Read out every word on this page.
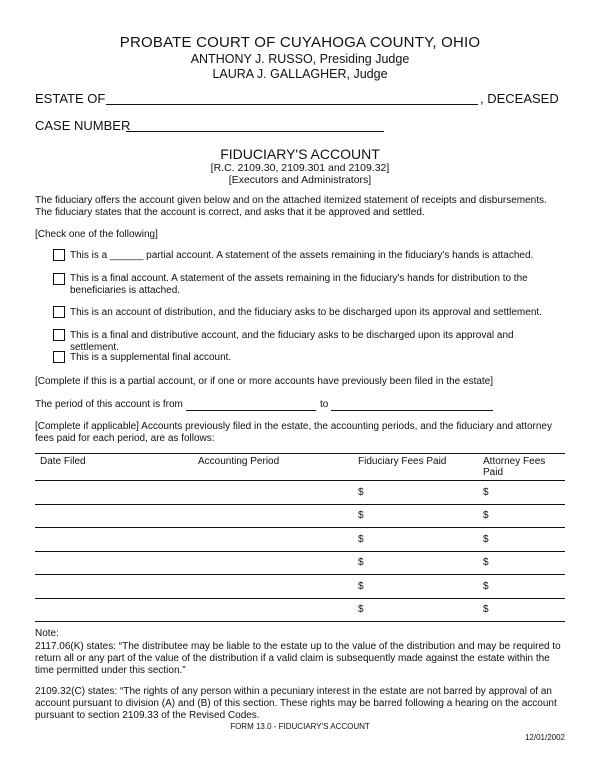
PROBATE COURT OF CUYAHOGA COUNTY, OHIO
ANTHONY J. RUSSO, Presiding Judge
LAURA J. GALLAGHER, Judge
ESTATE OF	, DECEASED
CASE NUMBER
FIDUCIARY'S ACCOUNT
[R.C. 2109.30, 2109.301 and 2109.32]
[Executors and Administrators]
The fiduciary offers the account given below and on the attached itemized statement of receipts and disbursements. The fiduciary states that the account is correct, and asks that it be approved and settled.
[Check one of the following]
This is a ______ partial account. A statement of the assets remaining in the fiduciary's hands is attached.
This is a final account. A statement of the assets remaining in the fiduciary's hands for distribution to the beneficiaries is attached.
This is an account of distribution, and the fiduciary asks to be discharged upon its approval and settlement.
This is a final and distributive account, and the fiduciary asks to be discharged upon its approval and settlement.
This is a supplemental final account.
[Complete if this is a partial account, or if one or more accounts have previously been filed in the estate]
The period of this account is from	to
[Complete if applicable] Accounts previously filed in the estate, the accounting periods, and the fiduciary and attorney fees paid for each period, are as follows:
Date Filed	Accounting Period	Fiduciary Fees Paid	Attorney Fees Paid
		$	$
		$	$
		$	$
		$	$
		$	$
		$	$
Note:
2117.06(K) states: “The distributee may be liable to the estate up to the value of the distribution and may be required to return all or any part of the value of the distribution if a valid claim is subsequently made against the estate within the time permitted under this section.”
2109.32(C) states: “The rights of any person within a pecuniary interest in the estate are not barred by approval of an account pursuant to division (A) and (B) of this section. These rights may be barred following a hearing on the account pursuant to section 2109.33 of the Revised Codes.
FORM 13.0 - FIDUCIARY'S ACCOUNT
12/01/2002
